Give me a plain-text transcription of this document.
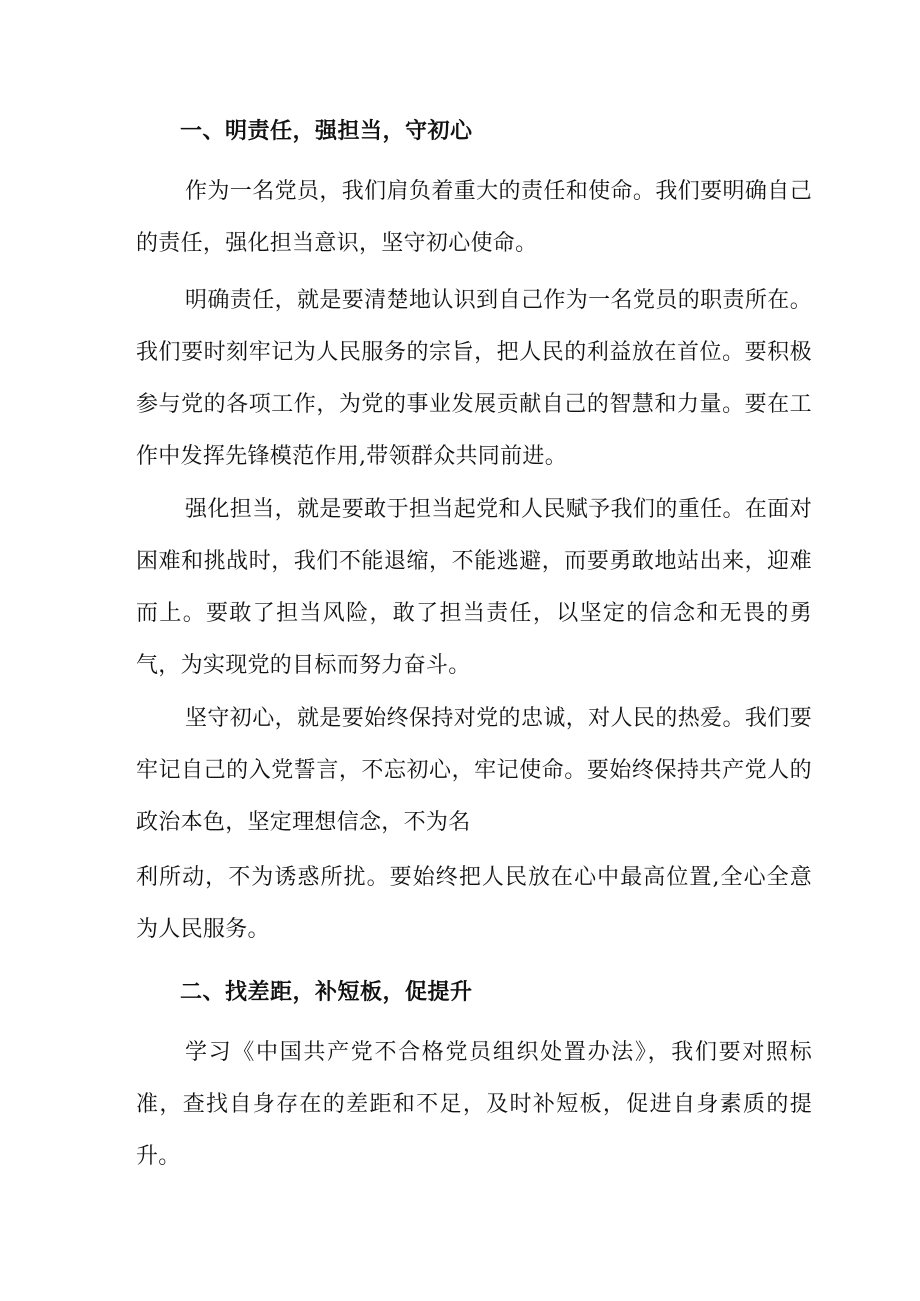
一、明责任，强担当，守初心

作为一名党员，我们肩负着重大的责任和使命。我们要明确自己的责任，强化担当意识，坚守初心使命。

明确责任，就是要清楚地认识到自己作为一名党员的职责所在。我们要时刻牢记为人民服务的宗旨，把人民的利益放在首位。要积极参与党的各项工作，为党的事业发展贡献自己的智慧和力量。要在工作中发挥先锋模范作用,带领群众共同前进。

强化担当，就是要敢于担当起党和人民赋予我们的重任。在面对困难和挑战时，我们不能退缩，不能逃避，而要勇敢地站出来，迎难而上。要敢了担当风险，敢了担当责任，以坚定的信念和无畏的勇气，为实现党的目标而努力奋斗。

坚守初心，就是要始终保持对党的忠诚，对人民的热爱。我们要牢记自己的入党誓言，不忘初心，牢记使命。要始终保持共产党人的政治本色，坚定理想信念，不为名

利所动，不为诱惑所扰。要始终把人民放在心中最高位置,全心全意为人民服务。

二、找差距，补短板，促提升

学习《中国共产党不合格党员组织处置办法》，我们要对照标准，查找自身存在的差距和不足，及时补短板，促进自身素质的提升。
